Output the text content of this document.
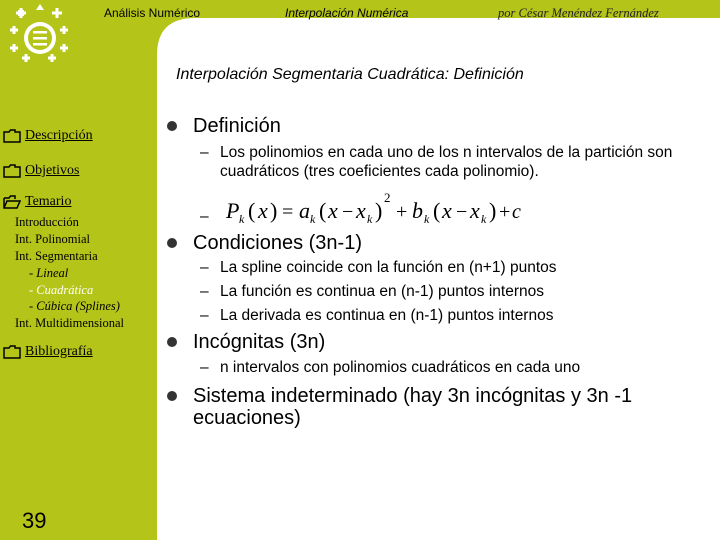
Análisis Numérico	Interpolación Numérica	por César Menéndez Fernández
Interpolación Segmentaria Cuadrática: Definición
Descripción
Objetivos
Temario
Introducción
Int. Polinomial
Int. Segmentaria
- Lineal
- Cuadrática
- Cúbica (Splines)
Int. Multidimensional
Bibliografía
39
Definición
– Los polinomios en cada uno de los n intervalos de la partición son cuadráticos (tres coeficientes cada polinomio).
– P k ( x ) = a k ( x − x k )
2
+ b k ( x − x k ) + c
Condiciones (3n-1)
– La spline coincide con la función en (n+1) puntos
– La función es continua en (n-1) puntos internos
– La derivada es continua en (n-1) puntos internos
Incógnitas (3n)
– n intervalos con polinomios cuadráticos en cada uno
Sistema indeterminado (hay 3n incógnitas y 3n -1 ecuaciones)
